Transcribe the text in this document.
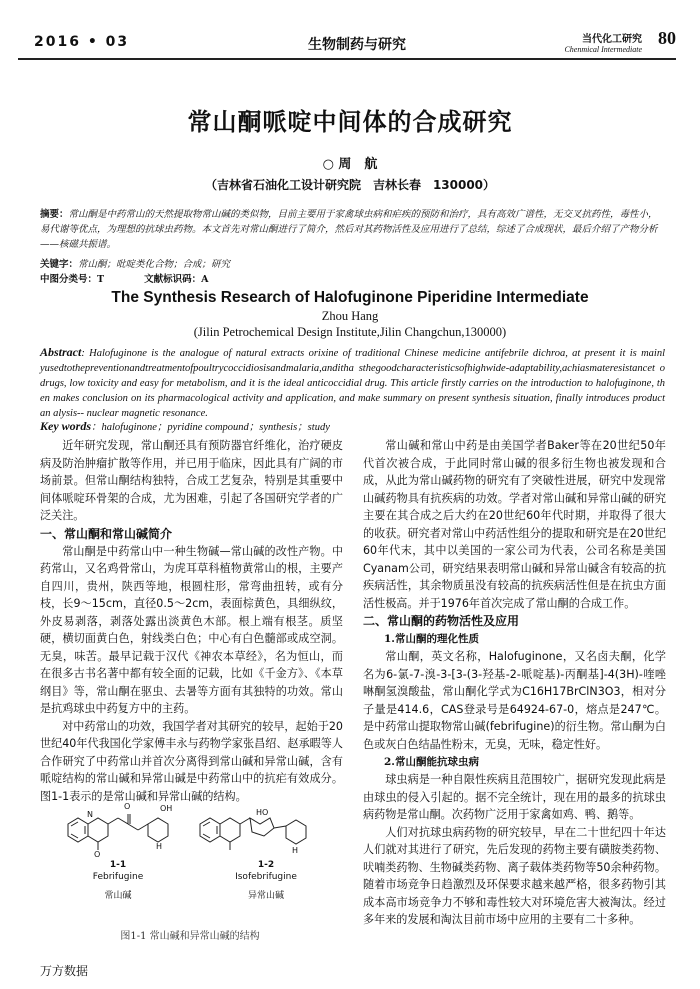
2016 • 03	生物制药与研究	当代化工研究
Chenmical Intermediate
80
常山酮哌啶中间体的合成研究
○ 周　航
（吉林省石油化工设计研究院　吉林长春　130000）
摘要：常山酮是中药常山的天然提取物常山碱的类似物，目前主要用于家禽球虫病和疟疾的预防和治疗，具有高效广谱性，无交叉抗药性，毒性小，易代谢等优点，为理想的抗球虫药物。本文首先对常山酮进行了简介，然后对其药物活性及应用进行了总结，综述了合成现状，最后介绍了产物分析——核磁共振谱。
关键字：常山酮；吡啶类化合物；合成；研究
中图分类号：T	文献标识码：A
The Synthesis Research of Halofuginone Piperidine Intermediate
Zhou Hang
(Jilin Petrochemical Design Institute,Jilin Changchun,130000)
Abstract: Halofuginone is the analogue of natural extracts orixine of traditional Chinese medicine antifebrile dichroa, at present it is mainl yusedtothepreventionandtreatmentofpoultrycoccidiosisandmalaria,anditha sthegoodcharacteristicsofhighwide-adaptability,achiasmateresistancet o drugs, low toxicity and easy for metabolism, and it is the ideal anticoccidial drug. This article firstly carries on the introduction to halofuginone, th en makes conclusion on its pharmacological activity and application, and make summary on present synthesis situation, finally introduces product an alysis-- nuclear magnetic resonance.
Key words：halofuginone；pyridine compound；synthesis；study

近年研究发现，常山酮还具有预防器官纤维化，治疗硬皮病及防治肿瘤扩散等作用，并已用于临床，因此具有广阔的市场前景。但常山酮结构独特，合成工艺复杂，特别是其重要中间体哌啶环骨架的合成，尤为困难，引起了各国研究学者的广泛关注。

一、常山酮和常山碱简介

常山酮是中药常山中一种生物碱—常山碱的改性产物。中药常山，又名鸡骨常山，为虎耳草科植物黄常山的根，主要产自四川，贵州，陕西等地，根圆柱形，常弯曲扭转，或有分枝，长9～15cm，直径0.5～2cm，表面棕黄色，具细纵纹，外皮易剥落，剥落处露出淡黄色木部。根上端有根茎。质坚硬，横切面黄白色，射线类白色；中心有白色髓部或成空洞。无臭，味苦。最早记载于汉代《神农本草经》，名为恒山，而在很多古书名著中都有较全面的记载，比如《千金方》、《本草纲目》等，常山酮在驱虫、去暑等方面有其独特的功效。常山是抗鸡球虫中药复方中的主药。

对中药常山的功效，我国学者对其研究的较早，起始于20世纪40年代我国化学家傅丰永与药物学家张昌绍、赵承暇等人合作研究了中药常山并首次分离得到常山碱和异常山碱，含有哌啶结构的常山碱和异常山碱是中药常山中的抗疟有效成分。图1-1表示的是常山碱和异常山碱的结构。

N
O
O	OH
H
HO
H
1-1
Febrifugine
常山碱
1-2
Isofebrifugine
异常山碱
图1-1 常山碱和异常山碱的结构

常山碱和常山中药是由美国学者Baker等在20世纪50年代首次被合成，于此同时常山碱的很多衍生物也被发现和合成，从此为常山碱药物的研究有了突破性进展，研究中发现常山碱药物具有抗疾病的功效。学者对常山碱和异常山碱的研究主要在其合成之后大约在20世纪60年代时期，并取得了很大的收获。研究者对常山中药活性组分的提取和研究是在20世纪60年代末，其中以美国的一家公司为代表，公司名称是美国Cyanam公司，研究结果表明常山碱和异常山碱含有较高的抗疾病活性，其余物质虽没有较高的抗疾病活性但是在抗虫方面活性极高。并于1976年首次完成了常山酮的合成工作。

二、常山酮的药物活性及应用
1.常山酮的理化性质

常山酮，英文名称，Halofuginone，又名卤夫酮，化学名为6-氯-7-溴-3-[3-(3-羟基-2-哌啶基)-丙酮基]-4(3H)-喹唑啉酮氢溴酸盐，常山酮化学式为C16H17BrClN3O3，相对分子量是414.6，CAS登录号是64924-67-0，熔点是247℃。是中药常山提取物常山碱(febrifugine)的衍生物。常山酮为白色或灰白色结晶性粉末，无臭，无味，稳定性好。

2.常山酮能抗球虫病

球虫病是一种自限性疾病且范围较广，据研究发现此病是由球虫的侵入引起的。据不完全统计，现在用的最多的抗球虫病药物是常山酮。次药物广泛用于家禽如鸡、鸭、鹅等。

人们对抗球虫病药物的研究较早，早在二十世纪四十年达人们就对其进行了研究，先后发现的药物主要有磺胺类药物、吠喃类药物、生物碱类药物、离子载体类药物等50余种药物。随着市场竞争日趋激烈及环保要求越来越严格，很多药物引其成本高市场竞争力不够和毒性较大对环境危害大被淘汰。经过多年来的发展和淘汰目前市场中应用的主要有二十多种。

万方数据
